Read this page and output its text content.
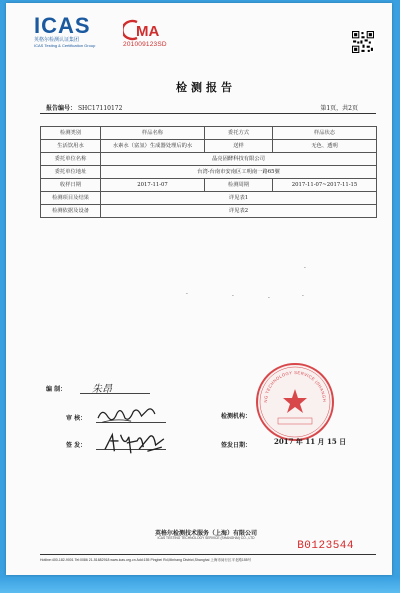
ICAS
英格尔检测认证集团
ICAS Testing & Certification Group
MA
201009123SD
检测报告
报告编号： SHC17110172	第1页，共2页
检测类别	样品名称	委托方式	样品状态
生活饮用水	水素水（富氢）生成器处理后的水	送样	无色、透明
委托单位名称	晶亮固酵科技有限公司		
委托单位地址	台湾-台南市安南区工明南一路65號		
收样日期	2017-11-07	检测周期	2017-11-07~2017-11-15
检测项目及结果	详见表1		
检测依据及设备	详见表2		
·	·	·	·
·
编 制：	朱昂
审 核：
签 发：
NG TECHNOLOGY SERVICE (SHANGH
检测机构：
签发日期：	2017 年 11 月 15 日
英格尔检测技术服务（上海）有限公司
ICAS TESTING TECHNOLOGY SERVICE (SHANGHAI) CO., LTD
B0123544
Hotline:400-182-9001 Tel:0086 21-51682918 www.icas.org.cn Add:155 Pingbei Rd,Minhang District,Shanghai 上海市闵行区平北路155号
